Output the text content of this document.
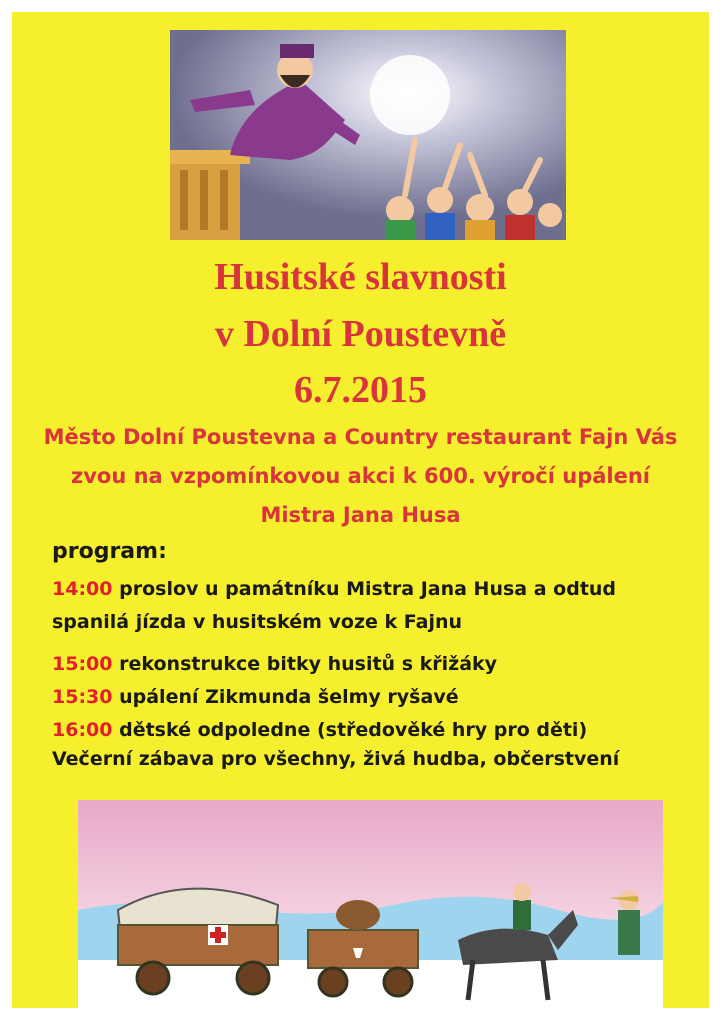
Husitské slavnosti
v Dolní Poustevně
6.7.2015
Město Dolní Poustevna a Country restaurant Fajn Vás
zvou na vzpomínkovou akci k 600. výročí upálení
Mistra Jana Husa
program:
14:00 proslov u památníku Mistra Jana Husa a odtud
spanilá jízda v husitském voze k Fajnu
15:00 rekonstrukce bitky husitů s křižáky
15:30 upálení Zikmunda šelmy ryšavé
16:00 dětské odpoledne (středověké hry pro děti)
Večerní zábava pro všechny, živá hudba, občerstvení
